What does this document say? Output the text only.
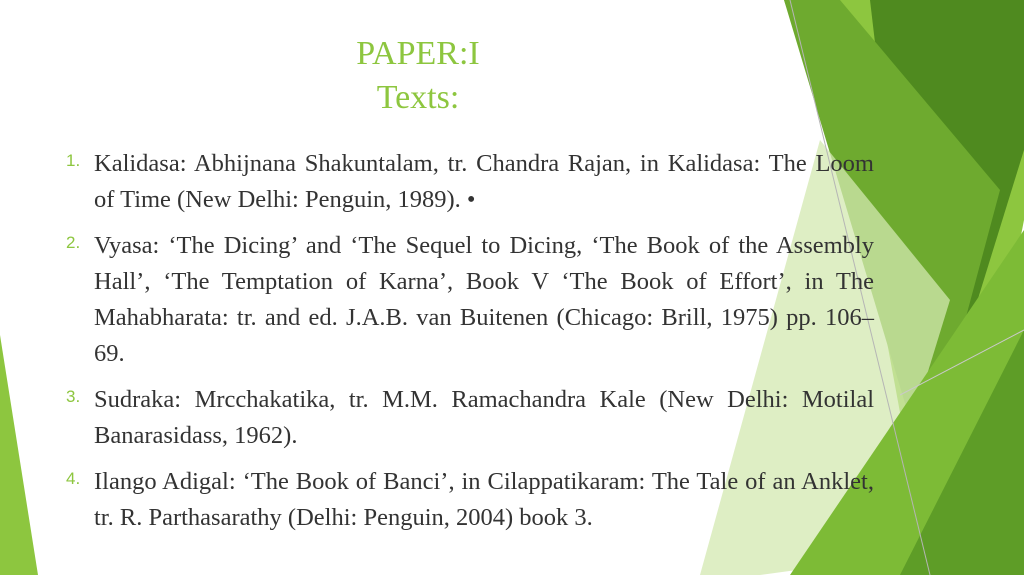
PAPER:I
Texts:
1. Kalidasa: Abhijnana Shakuntalam, tr. Chandra Rajan, in Kalidasa: The Loom of Time (New Delhi: Penguin, 1989). •
2. Vyasa: ‘The Dicing’ and ‘The Sequel to Dicing, ‘The Book of the Assembly Hall’, ‘The Temptation of Karna’, Book V ‘The Book of Effort’, in The Mahabharata: tr. and ed. J.A.B. van Buitenen (Chicago: Brill, 1975) pp. 106–69.
3. Sudraka: Mrcchakatika, tr. M.M. Ramachandra Kale (New Delhi: Motilal Banarasidass, 1962).
4. Ilango Adigal: ‘The Book of Banci’, in Cilappatikaram: The Tale of an Anklet, tr. R. Parthasarathy (Delhi: Penguin, 2004) book 3.
